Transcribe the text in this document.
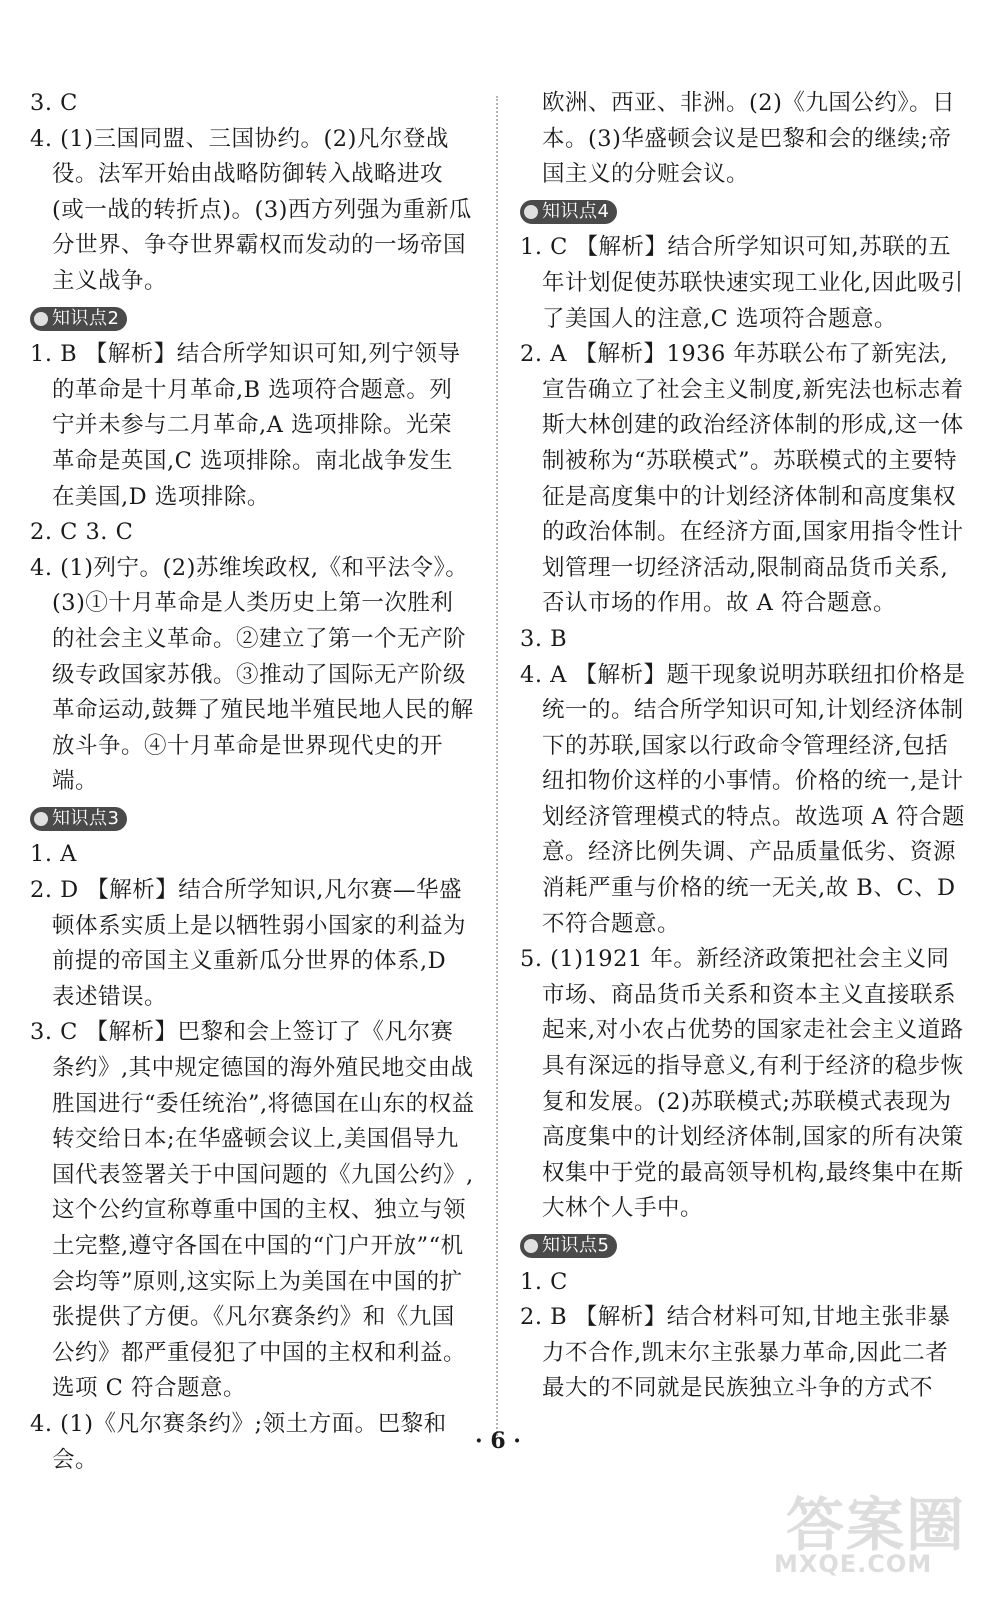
3. C
4. (1)三国同盟、三国协约。(2)凡尔登战役。法军开始由战略防御转入战略进攻(或一战的转折点)。(3)西方列强为重新瓜分世界、争夺世界霸权而发动的一场帝国主义战争。
知识点2
1. B 【解析】结合所学知识可知,列宁领导的革命是十月革命,B 选项符合题意。列宁并未参与二月革命,A 选项排除。光荣革命是英国,C 选项排除。南北战争发生在美国,D 选项排除。
2. C 3. C
4. (1)列宁。(2)苏维埃政权,《和平法令》。(3)①十月革命是人类历史上第一次胜利的社会主义革命。②建立了第一个无产阶级专政国家苏俄。③推动了国际无产阶级革命运动,鼓舞了殖民地半殖民地人民的解放斗争。④十月革命是世界现代史的开端。
知识点3
1. A
2. D 【解析】结合所学知识,凡尔赛—华盛顿体系实质上是以牺牲弱小国家的利益为前提的帝国主义重新瓜分世界的体系,D 表述错误。
3. C 【解析】巴黎和会上签订了《凡尔赛条约》,其中规定德国的海外殖民地交由战胜国进行“委任统治”,将德国在山东的权益转交给日本;在华盛顿会议上,美国倡导九国代表签署关于中国问题的《九国公约》,这个公约宣称尊重中国的主权、独立与领土完整,遵守各国在中国的“门户开放”“机会均等”原则,这实际上为美国在中国的扩张提供了方便。《凡尔赛条约》和《九国公约》都严重侵犯了中国的主权和利益。选项 C 符合题意。
4. (1)《凡尔赛条约》;领土方面。巴黎和会。
欧洲、西亚、非洲。(2)《九国公约》。日本。(3)华盛顿会议是巴黎和会的继续;帝国主义的分赃会议。
知识点4
1. C 【解析】结合所学知识可知,苏联的五年计划促使苏联快速实现工业化,因此吸引了美国人的注意,C 选项符合题意。
2. A 【解析】1936 年苏联公布了新宪法,宣告确立了社会主义制度,新宪法也标志着斯大林创建的政治经济体制的形成,这一体制被称为“苏联模式”。苏联模式的主要特征是高度集中的计划经济体制和高度集权的政治体制。在经济方面,国家用指令性计划管理一切经济活动,限制商品货币关系,否认市场的作用。故 A 符合题意。
3. B
4. A 【解析】题干现象说明苏联纽扣价格是统一的。结合所学知识可知,计划经济体制下的苏联,国家以行政命令管理经济,包括纽扣物价这样的小事情。价格的统一,是计划经济管理模式的特点。故选项 A 符合题意。经济比例失调、产品质量低劣、资源消耗严重与价格的统一无关,故 B、C、D 不符合题意。
5. (1)1921 年。新经济政策把社会主义同市场、商品货币关系和资本主义直接联系起来,对小农占优势的国家走社会主义道路具有深远的指导意义,有利于经济的稳步恢复和发展。(2)苏联模式;苏联模式表现为高度集中的计划经济体制,国家的所有决策权集中于党的最高领导机构,最终集中在斯大林个人手中。
知识点5
1. C
2. B 【解析】结合材料可知,甘地主张非暴力不合作,凯末尔主张暴力革命,因此二者最大的不同就是民族独立斗争的方式不
· 6 ·
答案圈
MXQE.COM
